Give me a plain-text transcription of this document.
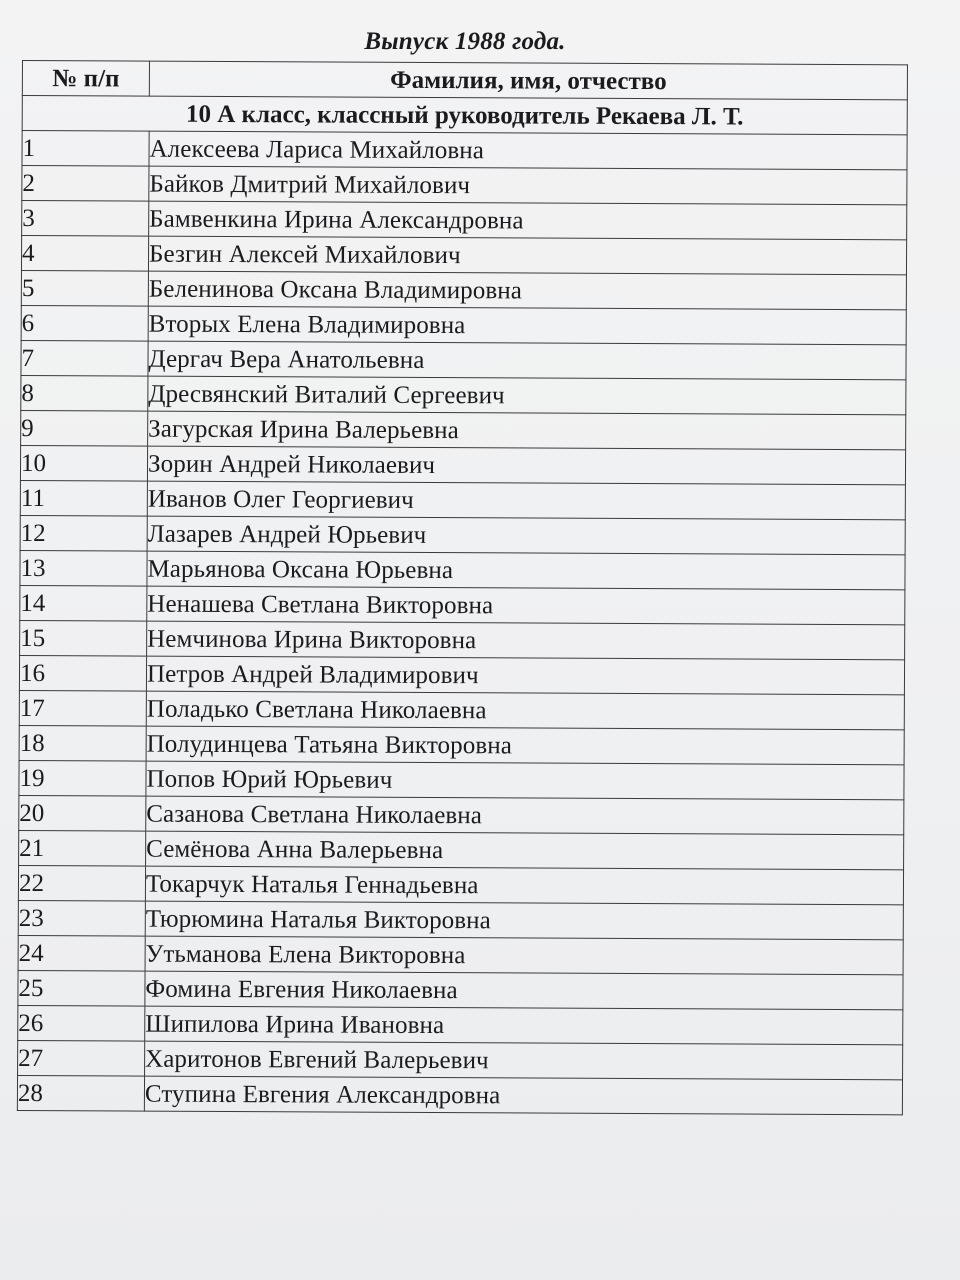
Выпуск 1988 года.
№ п/п	Фамилия, имя, отчество
10 А класс, классный руководитель Рекаева Л. Т.	
1	Алексеева Лариса Михайловна
2	Байков Дмитрий Михайлович
3	Бамвенкина Ирина Александровна
4	Безгин Алексей Михайлович
5	Беленинова Оксана Владимировна
6	Вторых Елена Владимировна
7	Дергач Вера Анатольевна
8	Дресвянский Виталий Сергеевич
9	Загурская Ирина Валерьевна
10	Зорин Андрей Николаевич
11	Иванов Олег Георгиевич
12	Лазарев Андрей Юрьевич
13	Марьянова Оксана Юрьевна
14	Ненашева Светлана Викторовна
15	Немчинова Ирина Викторовна
16	Петров Андрей Владимирович
17	Поладько Светлана Николаевна
18	Полудинцева Татьяна Викторовна
19	Попов Юрий Юрьевич
20	Сазанова Светлана Николаевна
21	Семёнова Анна Валерьевна
22	Токарчук Наталья Геннадьевна
23	Тюрюмина Наталья Викторовна
24	Утьманова Елена Викторовна
25	Фомина Евгения Николаевна
26	Шипилова Ирина Ивановна
27	Харитонов Евгений Валерьевич
28	Ступина Евгения Александровна
